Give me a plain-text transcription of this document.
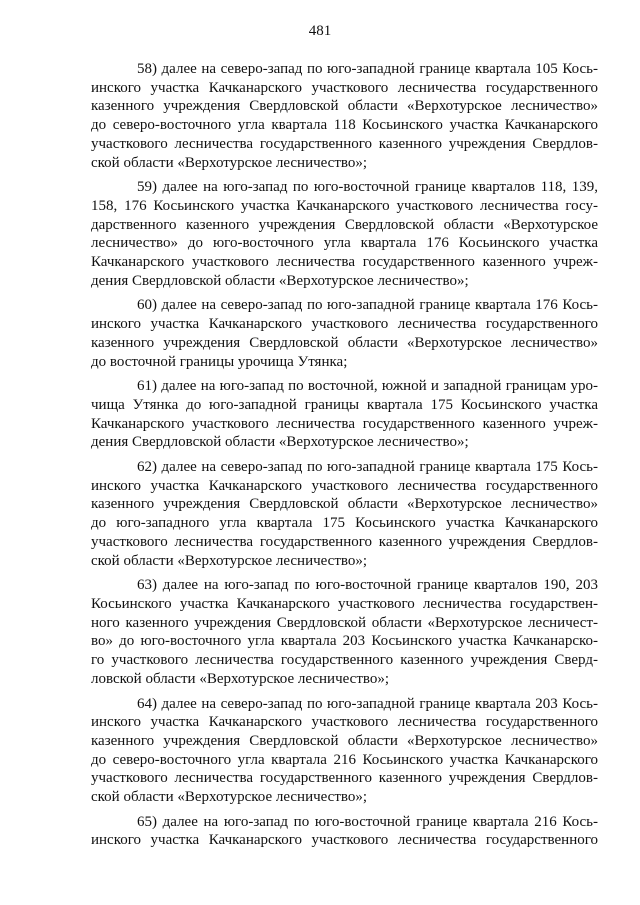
481
58) далее на северо-запад по юго-западной границе квартала 105 Кось-
инского участка Качканарского участкового лесничества государственного
казенного учреждения Свердловской области «Верхотурское лесничество»
до северо-восточного угла квартала 118 Косьинского участка Качканарского
участкового лесничества государственного казенного учреждения Свердлов-
ской области «Верхотурское лесничество»;
59) далее на юго-запад по юго-восточной границе кварталов 118, 139,
158, 176 Косьинского участка Качканарского участкового лесничества госу-
дарственного казенного учреждения Свердловской области «Верхотурское
лесничество» до юго-восточного угла квартала 176 Косьинского участка
Качканарского участкового лесничества государственного казенного учреж-
дения Свердловской области «Верхотурское лесничество»;
60) далее на северо-запад по юго-западной границе квартала 176 Кось-
инского участка Качканарского участкового лесничества государственного
казенного учреждения Свердловской области «Верхотурское лесничество»
до восточной границы урочища Утянка;
61) далее на юго-запад по восточной, южной и западной границам уро-
чища Утянка до юго-западной границы квартала 175 Косьинского участка
Качканарского участкового лесничества государственного казенного учреж-
дения Свердловской области «Верхотурское лесничество»;
62) далее на северо-запад по юго-западной границе квартала 175 Кось-
инского участка Качканарского участкового лесничества государственного
казенного учреждения Свердловской области «Верхотурское лесничество»
до юго-западного угла квартала 175 Косьинского участка Качканарского
участкового лесничества государственного казенного учреждения Свердлов-
ской области «Верхотурское лесничество»;
63) далее на юго-запад по юго-восточной границе кварталов 190, 203
Косьинского участка Качканарского участкового лесничества государствен-
ного казенного учреждения Свердловской области «Верхотурское лесничест-
во» до юго-восточного угла квартала 203 Косьинского участка Качканарско-
го участкового лесничества государственного казенного учреждения Сверд-
ловской области «Верхотурское лесничество»;
64) далее на северо-запад по юго-западной границе квартала 203 Кось-
инского участка Качканарского участкового лесничества государственного
казенного учреждения Свердловской области «Верхотурское лесничество»
до северо-восточного угла квартала 216 Косьинского участка Качканарского
участкового лесничества государственного казенного учреждения Свердлов-
ской области «Верхотурское лесничество»;
65) далее на юго-запад по юго-восточной границе квартала 216 Кось-
инского участка Качканарского участкового лесничества государственного
